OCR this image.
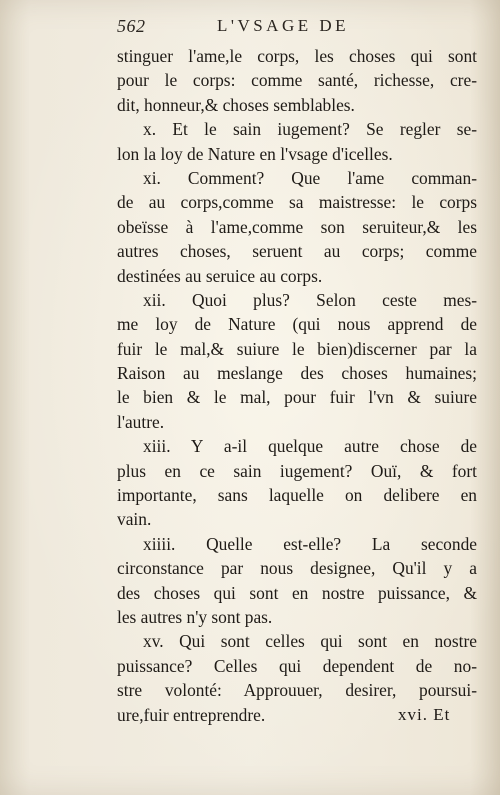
562	L'VSAGE DE
stinguer l'ame,le corps, les choses qui sont
pour le corps: comme santé, richesse, cre-
dit, honneur,& choses semblables.
x. Et le sain iugement? Se regler se-
lon la loy de Nature en l'vsage d'icelles.
xi. Comment? Que l'ame comman-
de au corps,comme sa maistresse: le corps
obeïsse à l'ame,comme son seruiteur,& les
autres choses, seruent au corps; comme
destinées au seruice au corps.
xii. Quoi plus? Selon ceste mes-
me loy de Nature (qui nous apprend de
fuir le mal,& suiure le bien)discerner par la
Raison au meslange des choses humaines;
le bien & le mal, pour fuir l'vn & suiure
l'autre.
xiii. Y a-il quelque autre chose de
plus en ce sain iugement? Ouï, & fort
importante, sans laquelle on delibere en
vain.
xiiii. Quelle est-elle? La seconde
circonstance par nous designee, Qu'il y a
des choses qui sont en nostre puissance, &
les autres n'y sont pas.
xv. Qui sont celles qui sont en nostre
puissance? Celles qui dependent de no-
stre volonté: Approuuer, desirer, poursui-
ure,fuir entreprendre.	xvi. Et
